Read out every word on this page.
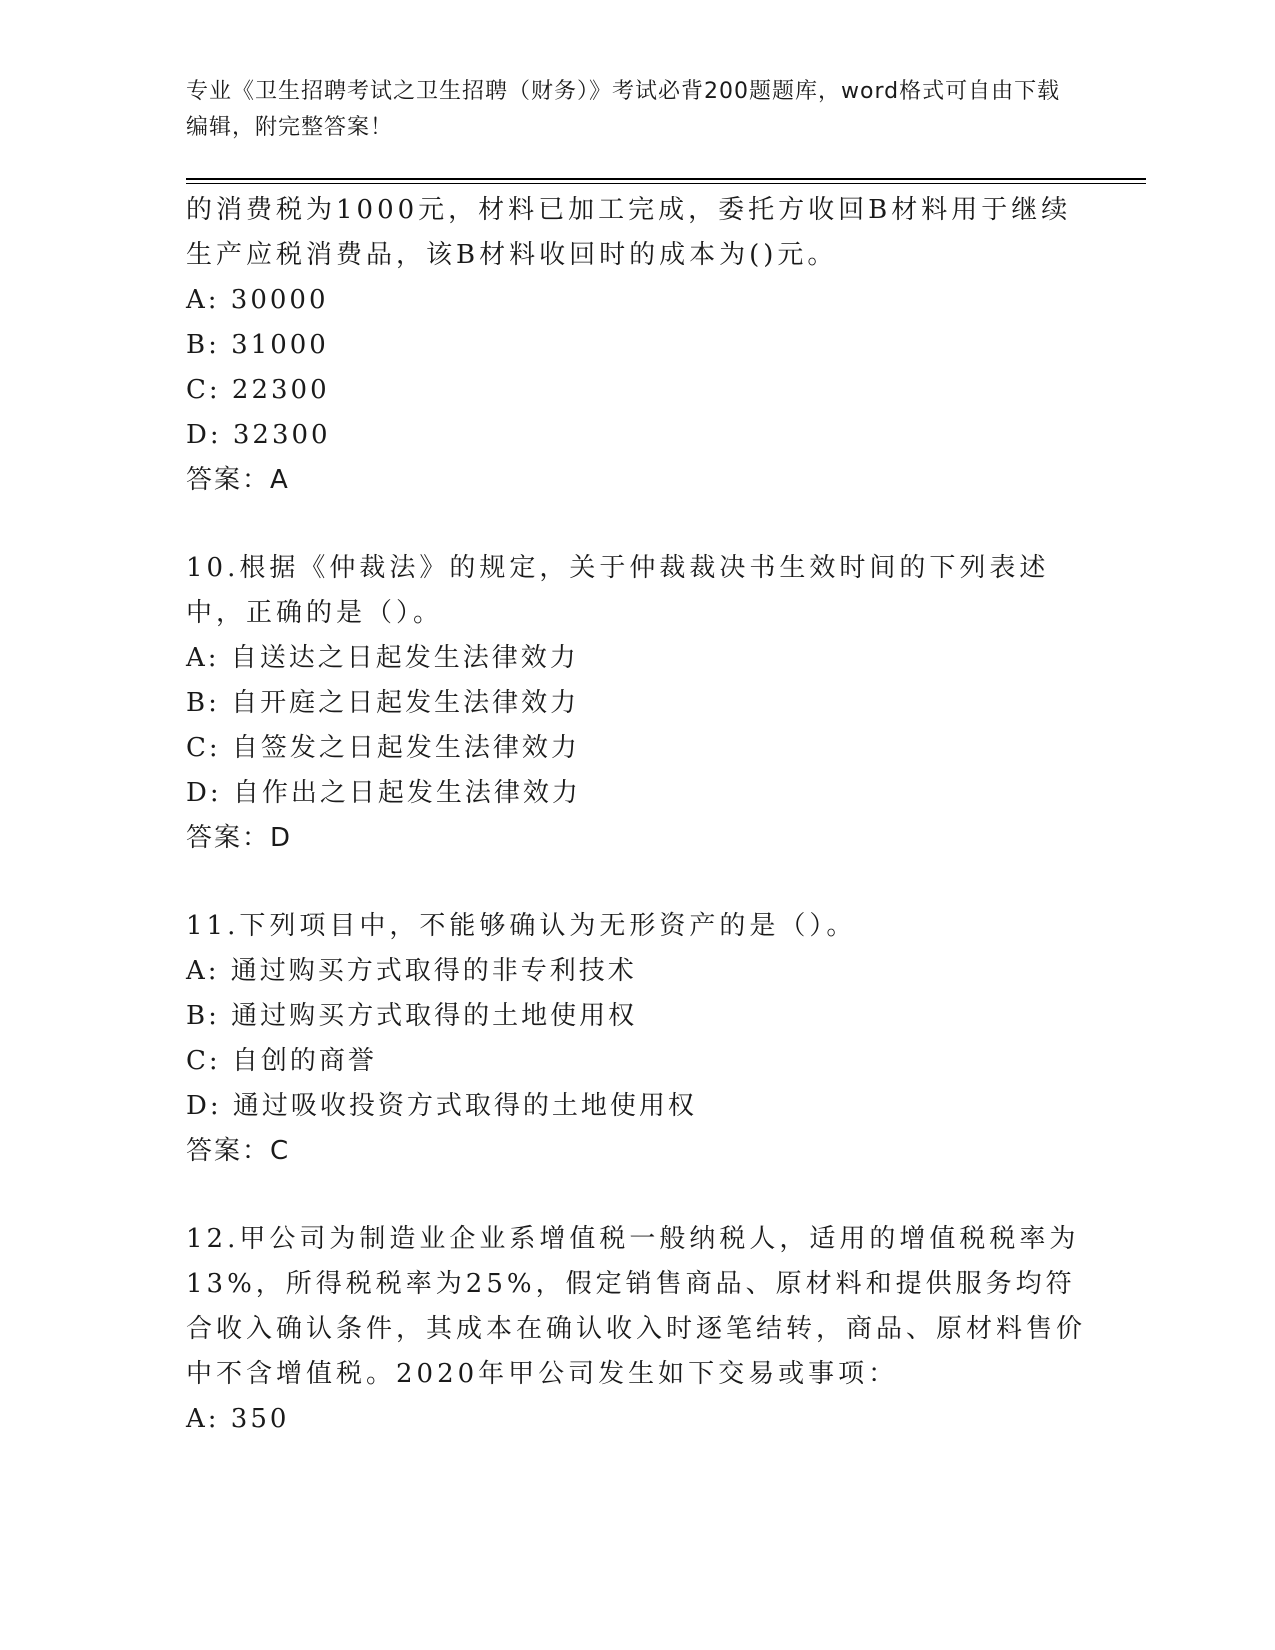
专业《卫生招聘考试之卫生招聘（财务）》考试必背200题题库，word格式可自由下载编辑，附完整答案！

的消费税为1000元，材料已加工完成，委托方收回B材料用于继续生产应税消费品，该B材料收回时的成本为()元。

A: 30000

B: 31000

C: 22300

D: 32300

答案：A

10.根据《仲裁法》的规定，关于仲裁裁决书生效时间的下列表述中，正确的是（）。

A: 自送达之日起发生法律效力

B: 自开庭之日起发生法律效力

C: 自签发之日起发生法律效力

D: 自作出之日起发生法律效力

答案：D

11.下列项目中，不能够确认为无形资产的是（）。

A: 通过购买方式取得的非专利技术

B: 通过购买方式取得的土地使用权

C: 自创的商誉

D: 通过吸收投资方式取得的土地使用权

答案：C

12.甲公司为制造业企业系增值税一般纳税人，适用的增值税税率为13%，所得税税率为25%，假定销售商品、原材料和提供服务均符合收入确认条件，其成本在确认收入时逐笔结转，商品、原材料售价中不含增值税。2020年甲公司发生如下交易或事项：

A: 350
